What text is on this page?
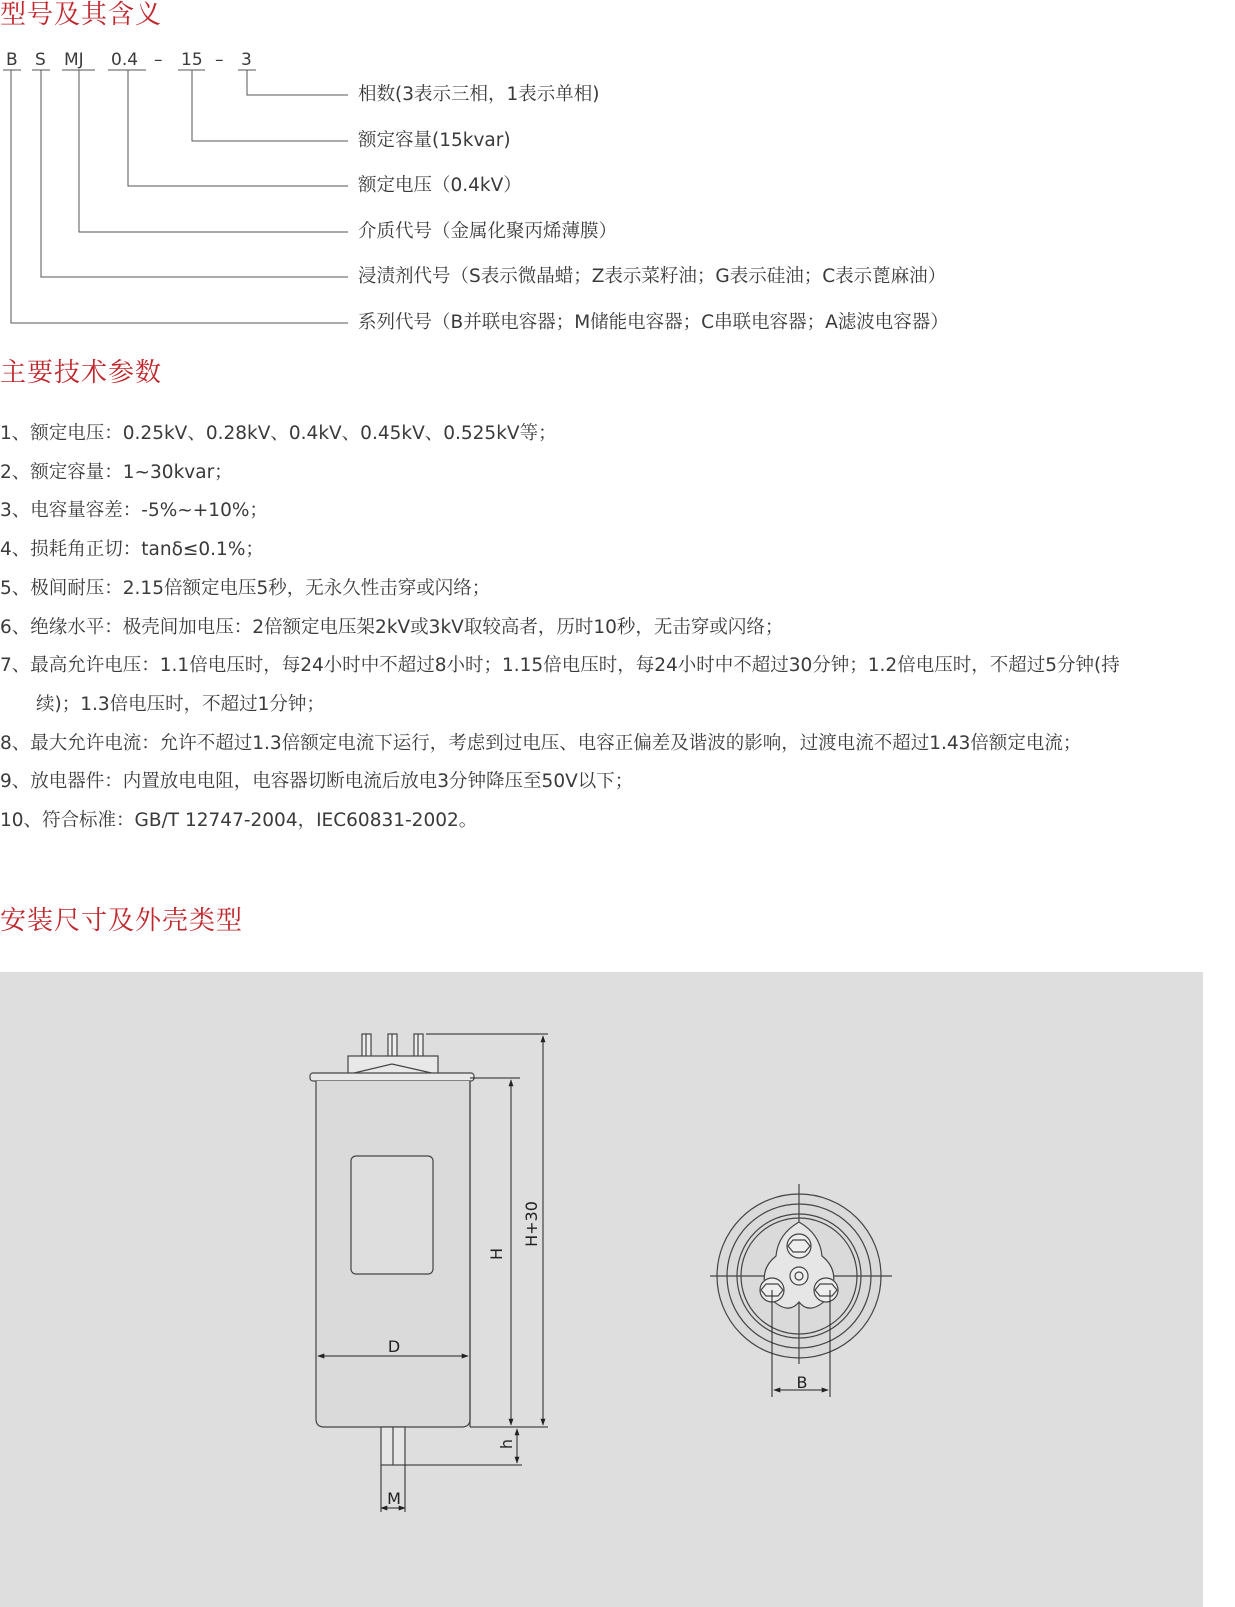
型号及其含义
B S MJ 0.4 – 15 – 3
相数(3表示三相，1表示单相)
额定容量(15kvar)
额定电压（0.4kV）
介质代号（金属化聚丙烯薄膜）
浸渍剂代号（S表示微晶蜡；Z表示菜籽油；G表示硅油；C表示蓖麻油）
系列代号（B并联电容器；M储能电容器；C串联电容器；A滤波电容器）
主要技术参数
1、额定电压：0.25kV、0.28kV、0.4kV、0.45kV、0.525kV等；
2、额定容量：1~30kvar；
3、电容量容差：-5%~+10%；
4、损耗角正切：tanδ≤0.1%；
5、极间耐压：2.15倍额定电压5秒，无永久性击穿或闪络；
6、绝缘水平：极壳间加电压：2倍额定电压架2kV或3kV取较高者，历时10秒，无击穿或闪络；
7、最高允许电压：1.1倍电压时，每24小时中不超过8小时；1.15倍电压时，每24小时中不超过30分钟；1.2倍电压时，不超过5分钟(持
续)；1.3倍电压时，不超过1分钟；
8、最大允许电流：允许不超过1.3倍额定电流下运行，考虑到过电压、电容正偏差及谐波的影响，过渡电流不超过1.43倍额定电流；
9、放电器件：内置放电电阻，电容器切断电流后放电3分钟降压至50V以下；
10、符合标准：GB/T 12747-2004，IEC60831-2002。
安装尺寸及外壳类型
H
H+30
D
h
M
B
